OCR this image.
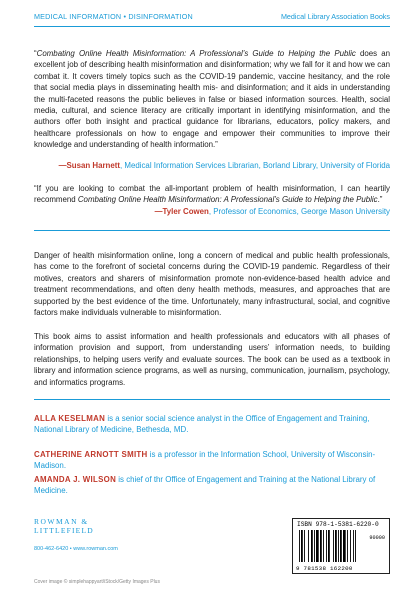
MEDICAL INFORMATION • DISINFORMATION	Medical Library Association Books
“Combating Online Health Misinformation: A Professional’s Guide to Helping the Public does an excellent job of describing health misinformation and disinformation; why we fall for it and how we can combat it. It covers timely topics such as the COVID-19 pandemic, vaccine hesitancy, and the role that social media plays in disseminating health mis- and disinformation; and it aids in understanding the multi-faceted reasons the public believes in false or biased information sources. Health, social media, cultural, and science literacy are critically important in identifying misinformation, and the authors offer both insight and practical guidance for librarians, educators, policy makers, and healthcare professionals on how to engage and empower their communities to improve their knowledge and understanding of health information.”
—Susan Harnett, Medical Information Services Librarian, Borland Library, University of Florida
“If you are looking to combat the all-important problem of health misinformation, I can heartily recommend Combating Online Health Misinformation: A Professional’s Guide to Helping the Public.”
—Tyler Cowen, Professor of Economics, George Mason University
Danger of health misinformation online, long a concern of medical and public health professionals, has come to the forefront of societal concerns during the COVID-19 pandemic. Regardless of their motives, creators and sharers of misinformation promote non-evidence-based health advice and treatment recommendations, and often deny health methods, measures, and approaches that are supported by the best evidence of the time. Unfortunately, many infrastructural, social, and cognitive factors make individuals vulnerable to misinformation.
This book aims to assist information and health professionals and educators with all phases of information provision and support, from understanding users’ information needs, to building relationships, to helping users verify and evaluate sources. The book can be used as a textbook in library and information science programs, as well as nursing, communication, journalism, psychology, and informatics programs.
ALLA KESELMAN is a senior social science analyst in the Office of Engagement and Training, National Library of Medicine, Bethesda, MD.
CATHERINE ARNOTT SMITH is a professor in the Information School, University of Wisconsin-Madison.
AMANDA J. WILSON is chief of thr Office of Engagement and Training at the National Library of Medicine.
ROWMAN &
LITTLEFIELD
800-462-6420 • www.rowman.com
Cover image © simplehappyart/iStock/Getty Images Plus
ISBN 978-1-5381-6220-0
90000
9 781538 162200
